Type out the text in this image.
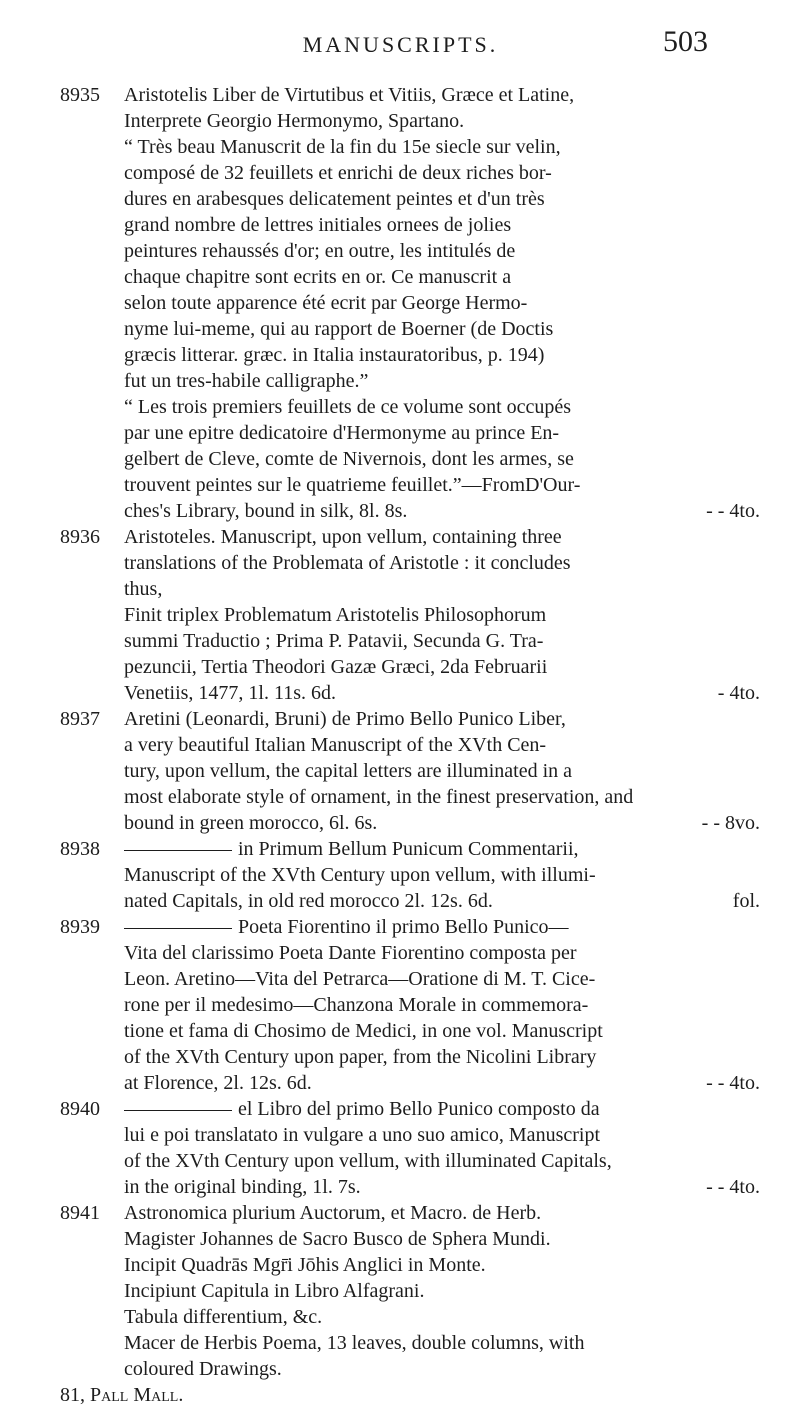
MANUSCRIPTS.	503
8935	Aristotelis Liber de Virtutibus et Vitiis, Græce et Latine,
Interprete Georgio Hermonymo, Spartano.
“ Très beau Manuscrit de la fin du 15e siecle sur velin,
composé de 32 feuillets et enrichi de deux riches bor-
dures en arabesques delicatement peintes et d'un très
grand nombre de lettres initiales ornees de jolies
peintures rehaussés d'or; en outre, les intitulés de
chaque chapitre sont ecrits en or. Ce manuscrit a
selon toute apparence été ecrit par George Hermo-
nyme lui-meme, qui au rapport de Boerner (de Doctis
græcis litterar. græc. in Italia instauratoribus, p. 194)
fut un tres-habile calligraphe.”
“ Les trois premiers feuillets de ce volume sont occupés
par une epitre dedicatoire d'Hermonyme au prince En-
gelbert de Cleve, comte de Nivernois, dont les armes, se
trouvent peintes sur le quatrieme feuillet.”—FromD'Our-
ches's Library, bound in silk, 8l. 8s.	- - 4to.
8936	Aristoteles. Manuscript, upon vellum, containing three
translations of the Problemata of Aristotle : it concludes
thus,
Finit triplex Problematum Aristotelis Philosophorum
summi Traductio ; Prima P. Patavii, Secunda G. Tra-
pezuncii, Tertia Theodori Gazæ Græci, 2da Februarii
Venetiis, 1477, 1l. 11s. 6d.	- 4to.
8937	Aretini (Leonardi, Bruni) de Primo Bello Punico Liber,
a very beautiful Italian Manuscript of the XVth Cen-
tury, upon vellum, the capital letters are illuminated in a
most elaborate style of ornament, in the finest preservation, and
bound in green morocco, 6l. 6s.	- - 8vo.
8938	in Primum Bellum Punicum Commentarii,
Manuscript of the XVth Century upon vellum, with illumi-
nated Capitals, in old red morocco 2l. 12s. 6d.	fol.
8939	Poeta Fiorentino il primo Bello Punico—
Vita del clarissimo Poeta Dante Fiorentino composta per
Leon. Aretino—Vita del Petrarca—Oratione di M. T. Cice-
rone per il medesimo—Chanzona Morale in commemora-
tione et fama di Chosimo de Medici, in one vol. Manuscript
of the XVth Century upon paper, from the Nicolini Library
at Florence, 2l. 12s. 6d.	- - 4to.
8940	el Libro del primo Bello Punico composto da
lui e poi translatato in vulgare a uno suo amico, Manuscript
of the XVth Century upon vellum, with illuminated Capitals,
in the original binding, 1l. 7s.	- - 4to.
8941	Astronomica plurium Auctorum, et Macro. de Herb.
Magister Johannes de Sacro Busco de Sphera Mundi.
Incipit Quadrās Mgr̄i Jōhis Anglici in Monte.
Incipiunt Capitula in Libro Alfagrani.
Tabula differentium, &c.
Macer de Herbis Poema, 13 leaves, double columns, with
coloured Drawings.
81, Pall Mall.
